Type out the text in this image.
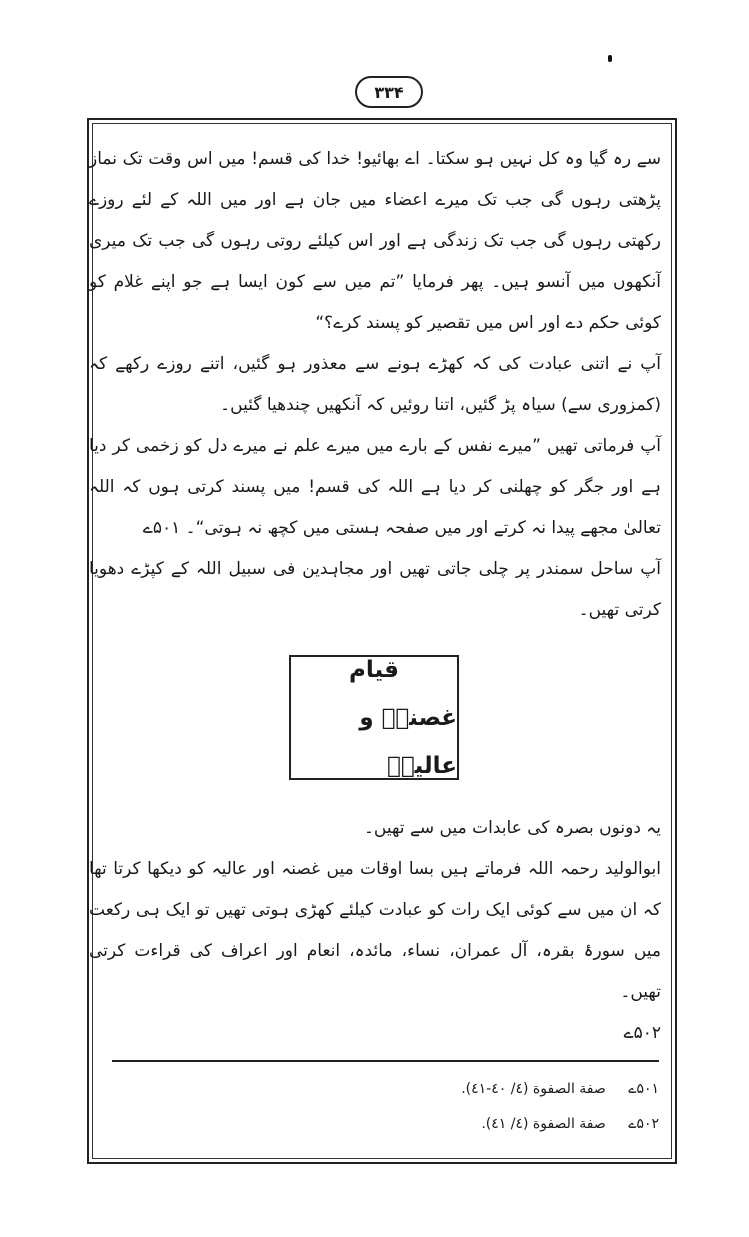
۳۳۴

سے رہ گیا وہ کل نہیں ہو سکتا۔ اے بھائیو! خدا کی قسم! میں اس وقت تک نماز پڑھتی رہوں گی جب تک میرے اعضاء میں جان ہے اور میں اللہ کے لئے روزے رکھتی رہوں گی جب تک زندگی ہے اور اس کیلئے روتی رہوں گی جب تک میری آنکھوں میں آنسو ہیں۔ پھر فرمایا ”تم میں سے کون ایسا ہے جو اپنے غلام کو کوئی حکم دے اور اس میں تقصیر کو پسند کرے؟“

آپ نے اتنی عبادت کی کہ کھڑے ہونے سے معذور ہو گئیں، اتنے روزے رکھے کہ (کمزوری سے) سیاہ پڑ گئیں، اتنا روئیں کہ آنکھیں چندھیا گئیں۔

آپ فرماتی تھیں ”میرے نفس کے بارے میں میرے علم نے میرے دل کو زخمی کر دیا ہے اور جگر کو چھلنی کر دیا ہے اللہ کی قسم! میں پسند کرتی ہوں کہ اللہ تعالیٰ مجھے پیدا نہ کرتے اور میں صفحہ ہستی میں کچھ نہ ہوتی“۔ ۵۰۱ے

آپ ساحل سمندر پر چلی جاتی تھیں اور مجاہدین فی سبیل اللہ کے کپڑے دھویا کرتی تھیں۔

قیام
غصنہؒ و عالیہؒ

یہ دونوں بصرہ کی عابدات میں سے تھیں۔

ابوالولید رحمہ اللہ فرماتے ہیں بسا اوقات میں غصنہ اور عالیہ کو دیکھا کرتا تھا کہ ان میں سے کوئی ایک رات کو عبادت کیلئے کھڑی ہوتی تھیں تو ایک ہی رکعت میں سورۂ بقرہ، آل عمران، نساء، مائدہ، انعام اور اعراف کی قراءت کرتی تھیں۔

۵۰۲ے

۵۰۱ے صفة الصفوة (٤/ ٤٠-٤١).
۵۰۲ے صفة الصفوة (٤/ ٤١).
